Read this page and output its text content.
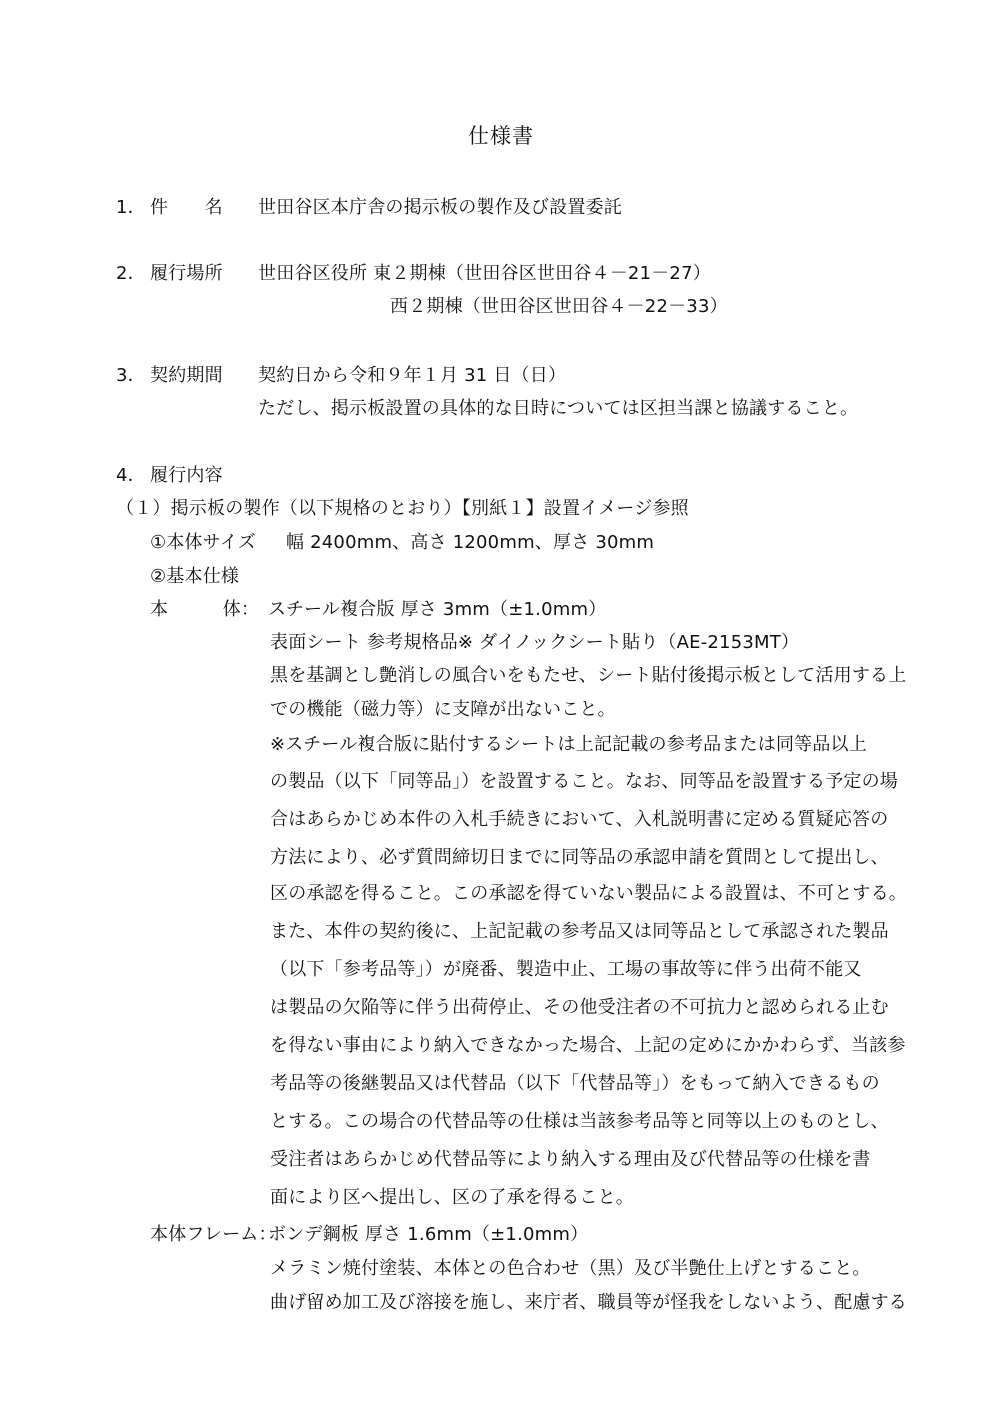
仕様書
1． 件　　名 世田谷区本庁舎の掲示板の製作及び設置委託
2． 履行場所 世田谷区役所 東２期棟（世田谷区世田谷４－21－27）
西２期棟（世田谷区世田谷４－22－33）
3． 契約期間 契約日から令和９年１月 31 日（日）
ただし、掲示板設置の具体的な日時については区担当課と協議すること。
4． 履行内容
（１）掲示板の製作（以下規格のとおり）【別紙１】設置イメージ参照
①本体サイズ 幅 2400mm、高さ 1200mm、厚さ 30mm
②基本仕様
本　　　体： スチール複合版 厚さ 3mm（±1.0mm）
表面シート 参考規格品※ ダイノックシート貼り（AE-2153MT）
黒を基調とし艶消しの風合いをもたせ、シート貼付後掲示板として活用する上
での機能（磁力等）に支障が出ないこと。
※スチール複合版に貼付するシートは上記記載の参考品または同等品以上
の製品（以下「同等品」）を設置すること。なお、同等品を設置する予定の場
合はあらかじめ本件の入札手続きにおいて、入札説明書に定める質疑応答の
方法により、必ず質問締切日までに同等品の承認申請を質問として提出し、
区の承認を得ること。この承認を得ていない製品による設置は、不可とする。
また、本件の契約後に、上記記載の参考品又は同等品として承認された製品
（以下「参考品等」）が廃番、製造中止、工場の事故等に伴う出荷不能又
は製品の欠陥等に伴う出荷停止、その他受注者の不可抗力と認められる止む
を得ない事由により納入できなかった場合、上記の定めにかかわらず、当該参
考品等の後継製品又は代替品（以下「代替品等」）をもって納入できるもの
とする。この場合の代替品等の仕様は当該参考品等と同等以上のものとし、
受注者はあらかじめ代替品等により納入する理由及び代替品等の仕様を書
面により区へ提出し、区の了承を得ること。
本体フレーム：
ボンデ鋼板 厚さ 1.6mm（±1.0mm）
メラミン焼付塗装、本体との色合わせ（黒）及び半艶仕上げとすること。
曲げ留め加工及び溶接を施し、来庁者、職員等が怪我をしないよう、配慮する
